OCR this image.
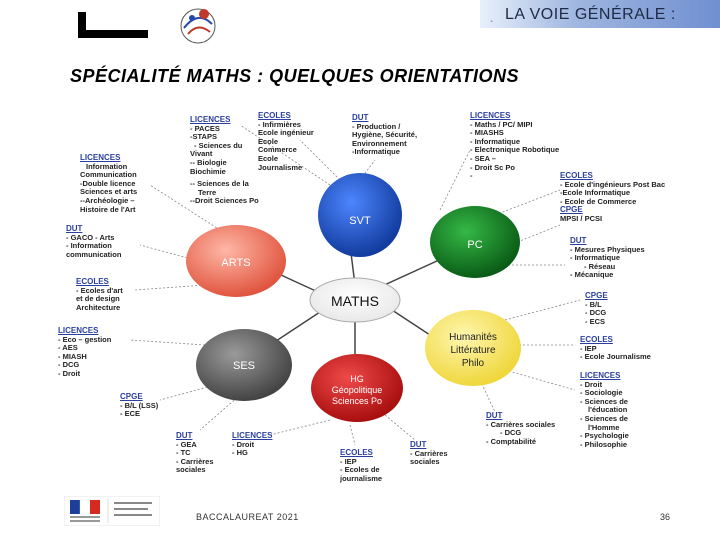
LA VOIE GÉNÉRALE :
`
SPÉCIALITÉ MATHS : QUELQUES ORIENTATIONS
MATHS
SVT
PC
ARTS
SES
HG
Géopolitique
Sciences Po
Humanités
Littérature
Philo
LICENCES
- PACES
-STAPS
- Sciences du
Vivant
-- Biologie
Biochimie
ECOLES
- Infirmières
Ecole ingénieur
Ecole
Commerce
Ecole
Journalisme
-- Sciences de la
Terre
--Droit Sciences Po
DUT
- Production /
Hygiène, Sécurité,
Environnement
-Informatique
LICENCES
- Maths / PC/ MIPI
- MIASHS
- Informatique
- Electronique Robotique
- SEA –
- Droit Sc Po
-	ECOLES
- Ecole d'ingénieurs Post Bac
-Ecole Informatique
- Ecole de Commerce
CPGE
MPSI / PCSI
DUT
- Mesures Physiques
- Informatique
- Réseau
- Mécanique
LICENCES
Information
Communication
-Double licence
Sciences et arts
--Archéologie –
Histoire de l'Art
DUT
- GACO - Arts
- Information
communication
ECOLES
- Ecoles d'art
et de design
Architecture
LICENCES
- Eco – gestion
- AES
- MIASH
- DCG
- Droit
CPGE
- B/L (LSS)
- ECE
DUT
- GEA
- TC
- Carrières
sociales
LICENCES
- Droit
- HG	ECOLES
- IEP
- Ecoles de
journalisme
DUT
- Carrières
sociales
CPGE
- B/L
- DCG
- ECS
ECOLES
- IEP
- Ecole Journalisme
LICENCES
- Droit
- Sociologie
- Sciences de
l'éducation
- Sciences de
l'Homme
- Psychologie
- Philosophie
DUT
- Carrières sociales
- DCG
- Comptabilité
BACCALAUREAT 2021	36
